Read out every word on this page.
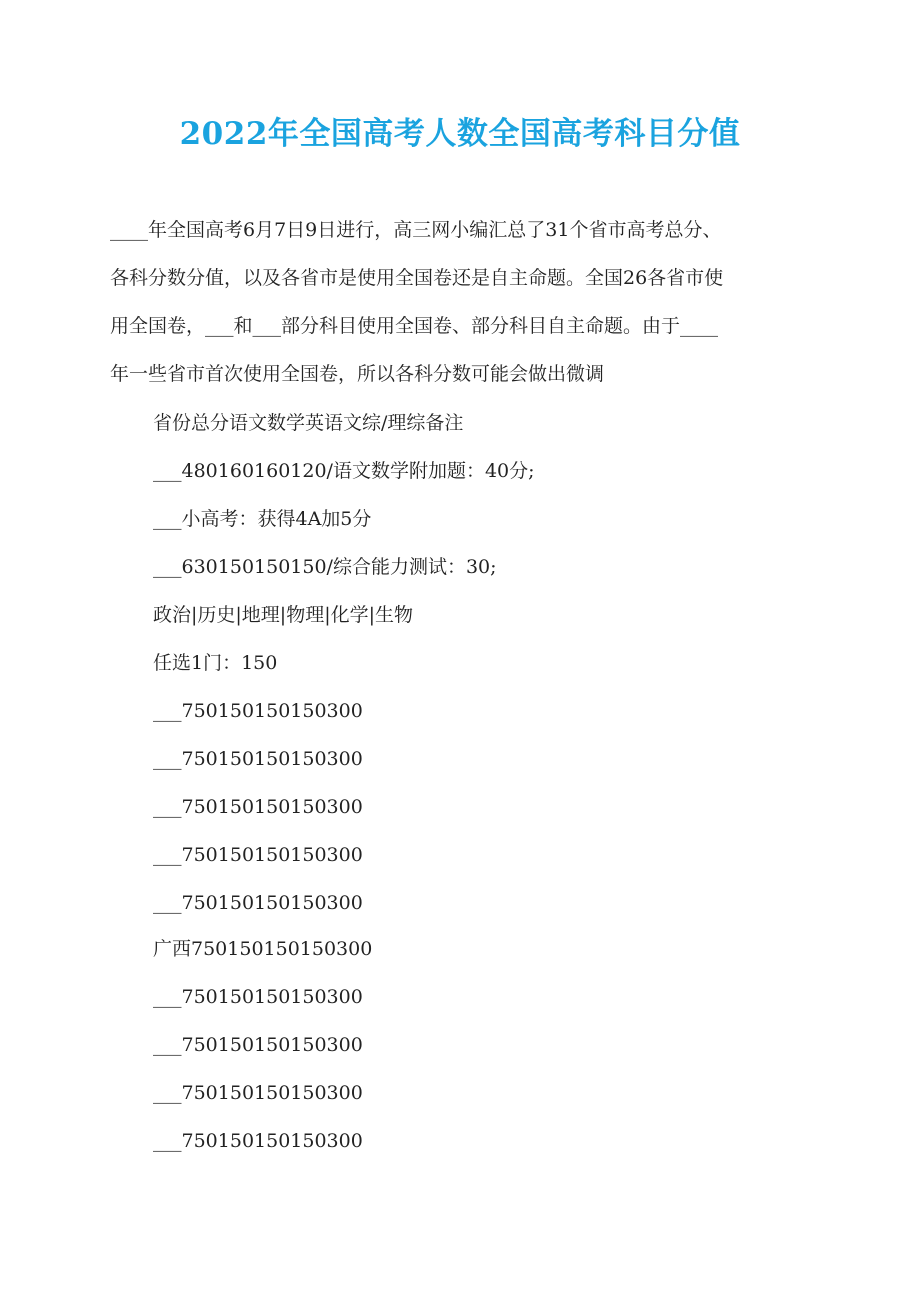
2022年全国高考人数全国高考科目分值
____年全国高考6月7日9日进行，高三网小编汇总了31个省市高考总分、
各科分数分值，以及各省市是使用全国卷还是自主命题。全国26各省市使
用全国卷，___和___部分科目使用全国卷、部分科目自主命题。由于____
年一些省市首次使用全国卷，所以各科分数可能会做出微调
省份总分语文数学英语文综/理综备注
___480160160120/语文数学附加题：40分;
___小高考：获得4A加5分
___630150150150/综合能力测试：30;
政治|历史|地理|物理|化学|生物
任选1门：150
___750150150150300
___750150150150300
___750150150150300
___750150150150300
___750150150150300
广西750150150150300
___750150150150300
___750150150150300
___750150150150300
___750150150150300
